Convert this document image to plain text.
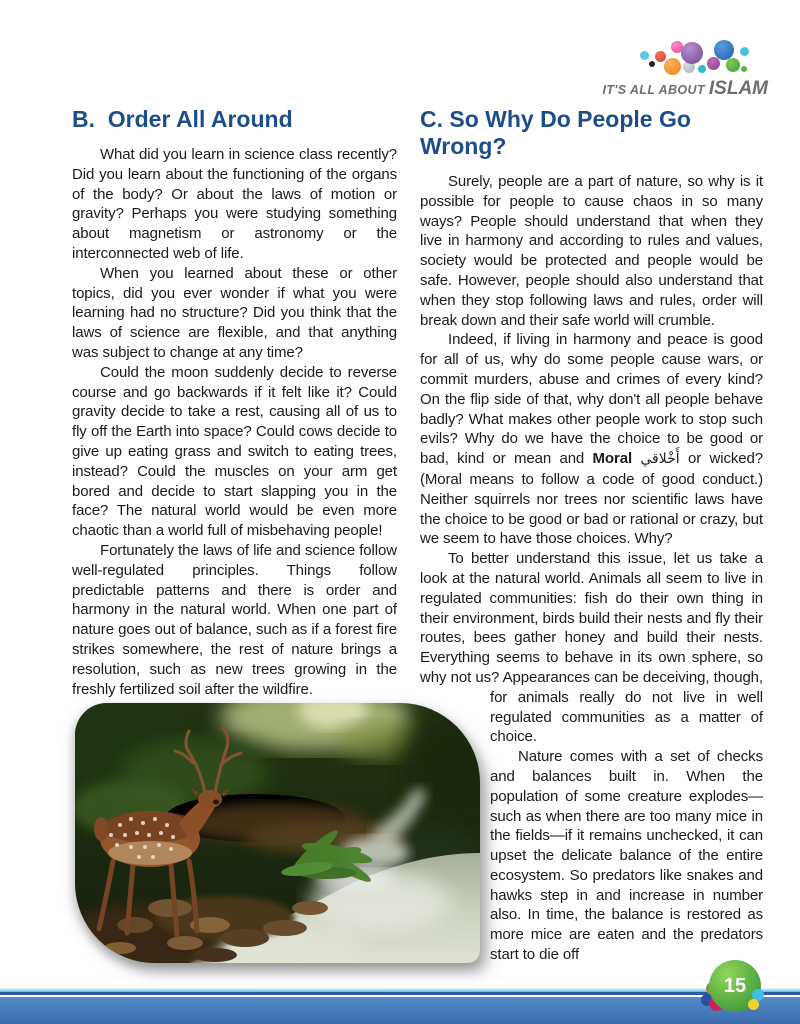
IT'S ALL ABOUT ISLAM
B.  Order All Around

What did you learn in science class recently? Did you learn about the functioning of the organs of the body? Or about the laws of motion or gravity? Perhaps you were studying something about magnetism or astronomy or the interconnected web of life.

When you learned about these or other topics, did you ever wonder if what you were learning had no structure? Did you think that the laws of science are flexible, and that anything was subject to change at any time?

Could the moon suddenly decide to reverse course and go backwards if it felt like it? Could gravity decide to take a rest, causing all of us to fly off the Earth into space? Could cows decide to give up eating grass and switch to eating trees, instead? Could the muscles on your arm get bored and decide to start slapping you in the face? The natural world would be even more chaotic than a world full of misbehaving people!

Fortunately the laws of life and science follow well-regulated principles. Things follow predictable patterns and there is order and harmony in the natural world. When one part of nature goes out of balance, such as if a forest fire strikes somewhere, the rest of nature brings a resolution, such as new trees growing in the freshly fertilized soil after the wildfire.

C. So Why Do People Go Wrong?

Surely, people are a part of nature, so why is it possible for people to cause chaos in so many ways? People should understand that when they live in harmony and according to rules and values, society would be protected and people would be safe. However, people should also understand that when they stop following laws and rules, order will break down and their safe world will crumble.

Indeed, if living in harmony and peace is good for all of us, why do some people cause wars, or commit murders, abuse and crimes of every kind? On the flip side of that, why don't all people behave badly? What makes other people work to stop such evils? Why do we have the choice to be good or bad, kind or mean and Moral أَخْلاقي or wicked? (Moral means to follow a code of good conduct.) Neither squirrels nor trees nor scientific laws have the choice to be good or bad or rational or crazy, but we seem to have those choices. Why?

To better understand this issue, let us take a look at the natural world. Animals all seem to live in regulated communities: fish do their own thing in their environment, birds build their nests and fly their routes, bees gather honey and build their nests. Everything seems to behave in its own sphere, so why not us? Appearances can be deceiving, though, for animals really do not live in well regulated communities as a matter of choice.

Nature comes with a set of checks and balances built in. When the population of some creature explodes—such as when there are too many mice in the fields—if it remains unchecked, it can upset the delicate balance of the entire ecosystem. So predators like snakes and hawks step in and increase in number also. In time, the balance is restored as more mice are eaten and the predators start to die off

15
